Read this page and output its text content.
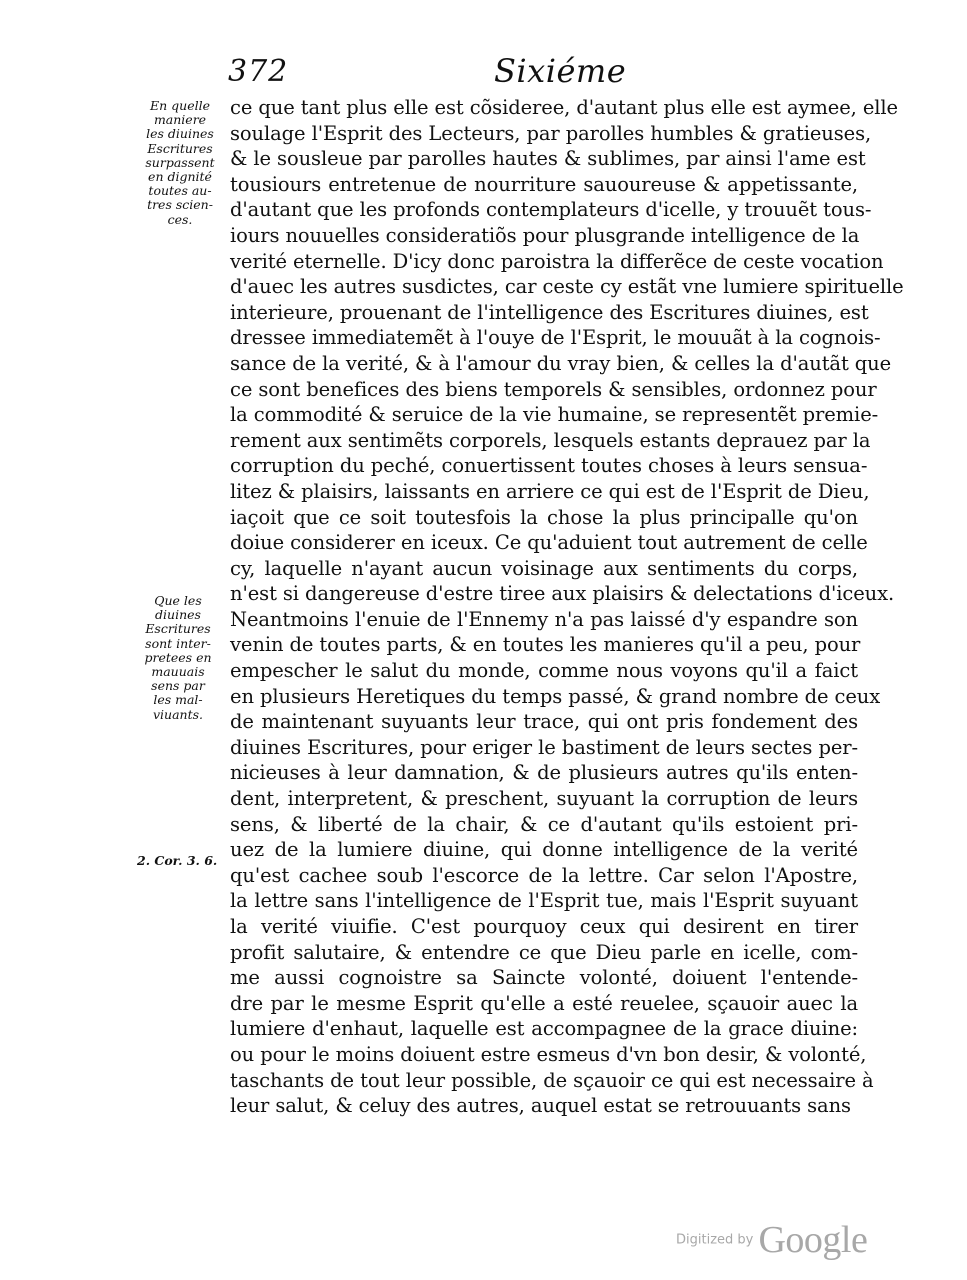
372	Sixiéme
En quelle
maniere
les diuines
Escritures
surpassent
en dignité
toutes au-
tres scien-
ces.
Que les
diuines
Escritures
sont inter-
pretees en
mauuais
sens par
les mal-
viuants.
2. Cor. 3. 6.
ce que tant plus elle est cõsideree, d'autant plus elle est aymee, elle
soulage l'Esprit des Lecteurs, par parolles humbles & gratieuses,
& le sousleue par parolles hautes & sublimes, par ainsi l'ame est
tousiours entretenue de nourriture sauoureuse & appetissante,
d'autant que les profonds contemplateurs d'icelle, y trouuẽt tous-
iours nouuelles consideratiõs pour plusgrande intelligence de la
verité eternelle. D'icy donc paroistra la differẽce de ceste vocation
d'auec les autres susdictes, car ceste cy estãt vne lumiere spirituelle
interieure, prouenant de l'intelligence des Escritures diuines, est
dressee immediatemẽt à l'ouye de l'Esprit, le mouuãt à la cognois-
sance de la verité, & à l'amour du vray bien, & celles la d'autãt que
ce sont benefices des biens temporels & sensibles, ordonnez pour
la commodité & seruice de la vie humaine, se representẽt premie-
rement aux sentimẽts corporels, lesquels estants deprauez par la
corruption du peché, conuertissent toutes choses à leurs sensua-
litez & plaisirs, laissants en arriere ce qui est de l'Esprit de Dieu,
iaçoit que ce soit toutesfois la chose la plus principalle qu'on
doiue considerer en iceux. Ce qu'aduient tout autrement de celle
cy, laquelle n'ayant aucun voisinage aux sentiments du corps,
n'est si dangereuse d'estre tiree aux plaisirs & delectations d'iceux.
Neantmoins l'enuie de l'Ennemy n'a pas laissé d'y espandre son
venin de toutes parts, & en toutes les manieres qu'il a peu, pour
empescher le salut du monde, comme nous voyons qu'il a faict
en plusieurs Heretiques du temps passé, & grand nombre de ceux
de maintenant suyuants leur trace, qui ont pris fondement des
diuines Escritures, pour eriger le bastiment de leurs sectes per-
nicieuses à leur damnation, & de plusieurs autres qu'ils enten-
dent, interpretent, & preschent, suyuant la corruption de leurs
sens, & liberté de la chair, & ce d'autant qu'ils estoient pri-
uez de la lumiere diuine, qui donne intelligence de la verité
qu'est cachee soub l'escorce de la lettre. Car selon l'Apostre,
la lettre sans l'intelligence de l'Esprit tue, mais l'Esprit suyuant
la verité viuifie. C'est pourquoy ceux qui desirent en tirer
profit salutaire, & entendre ce que Dieu parle en icelle, com-
me aussi cognoistre sa Saincte volonté, doiuent l'entende-
dre par le mesme Esprit qu'elle a esté reuelee, sçauoir auec la
lumiere d'enhaut, laquelle est accompagnee de la grace diuine:
ou pour le moins doiuent estre esmeus d'vn bon desir, & volonté,
taschants de tout leur possible, de sçauoir ce qui est necessaire à
leur salut, & celuy des autres, auquel estat se retrouuants sans
Digitized by Google
